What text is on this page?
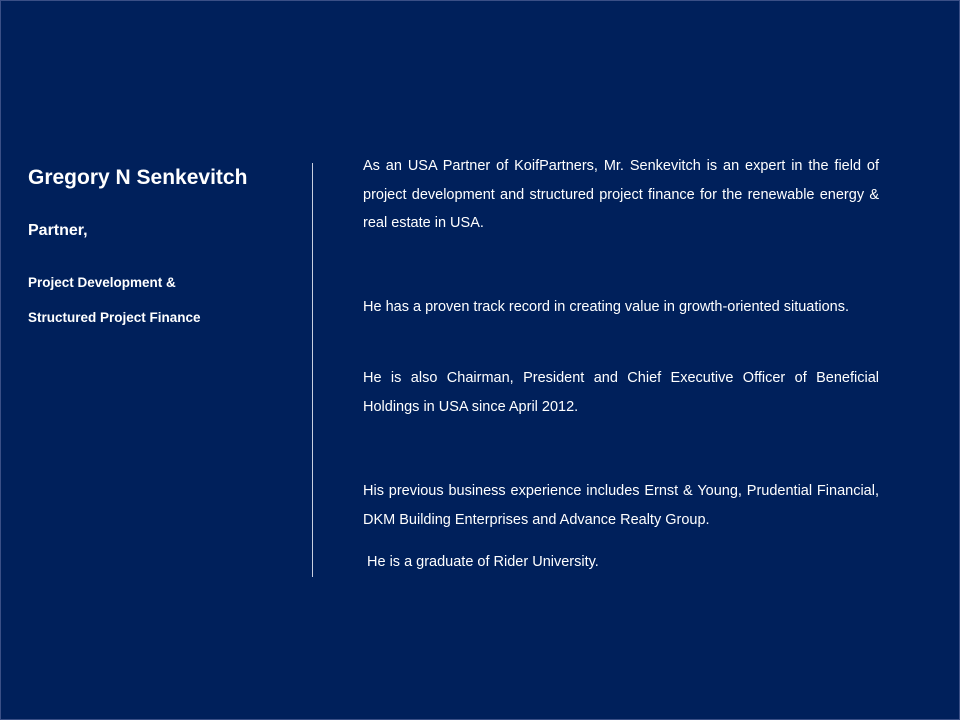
Gregory N Senkevitch
Partner,
Project Development &
Structured Project Finance

As an USA Partner of KoifPartners, Mr. Senkevitch is an expert in the field of project development and structured project finance for the renewable energy & real estate in USA.

He has a proven track record in creating value in growth-oriented situations.

He is also Chairman, President and Chief Executive Officer of Beneficial Holdings in USA since April 2012.

His previous business experience includes Ernst & Young, Prudential Financial, DKM Building Enterprises and Advance Realty Group.

He is a graduate of Rider University.
